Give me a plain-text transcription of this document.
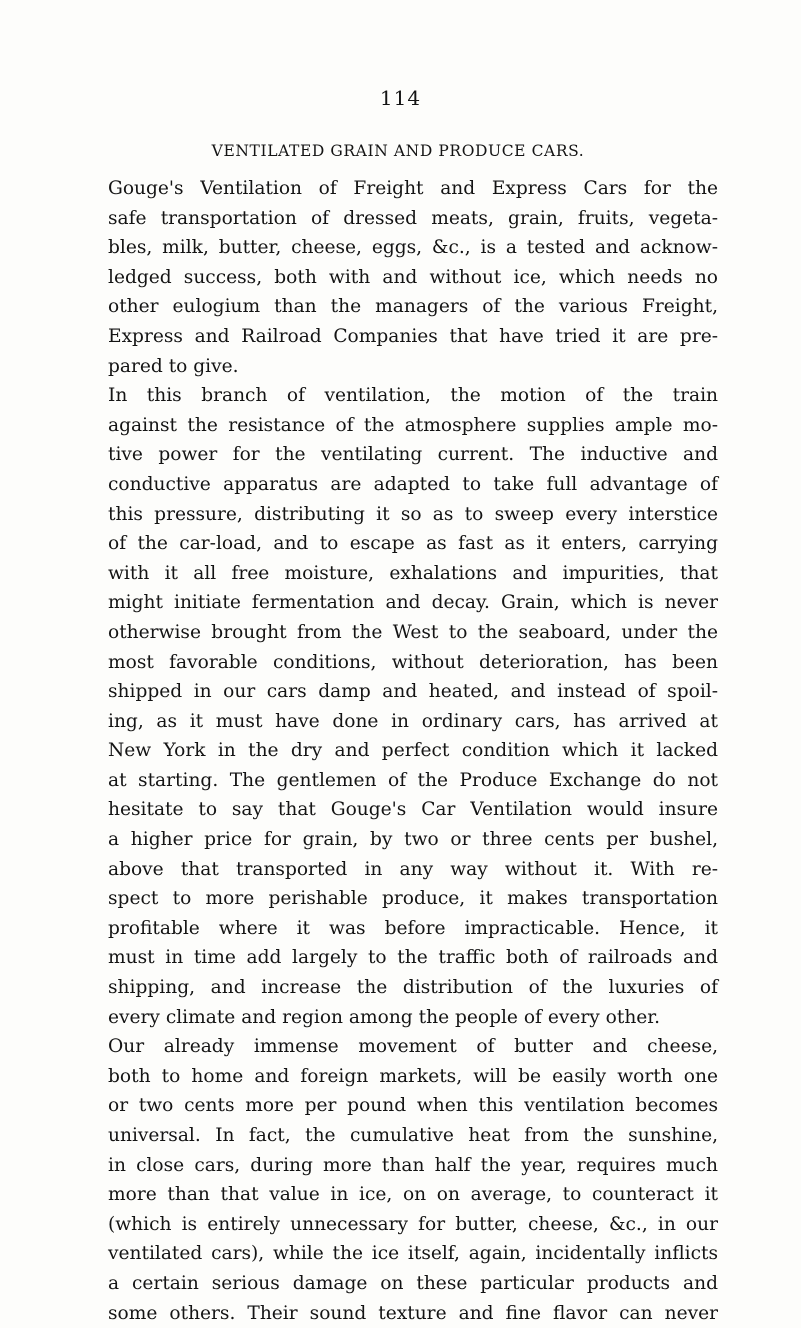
114
VENTILATED GRAIN AND PRODUCE CARS.
Gouge's Ventilation of Freight and Express Cars for the
safe transportation of dressed meats, grain, fruits, vegeta-
bles, milk, butter, cheese, eggs, &c., is a tested and acknow-
ledged success, both with and without ice, which needs no
other eulogium than the managers of the various Freight,
Express and Railroad Companies that have tried it are pre-
pared to give.
In this branch of ventilation, the motion of the train
against the resistance of the atmosphere supplies ample mo-
tive power for the ventilating current. The inductive and
conductive apparatus are adapted to take full advantage of
this pressure, distributing it so as to sweep every interstice
of the car-load, and to escape as fast as it enters, carrying
with it all free moisture, exhalations and impurities, that
might initiate fermentation and decay. Grain, which is never
otherwise brought from the West to the seaboard, under the
most favorable conditions, without deterioration, has been
shipped in our cars damp and heated, and instead of spoil-
ing, as it must have done in ordinary cars, has arrived at
New York in the dry and perfect condition which it lacked
at starting. The gentlemen of the Produce Exchange do not
hesitate to say that Gouge's Car Ventilation would insure
a higher price for grain, by two or three cents per bushel,
above that transported in any way without it. With re-
spect to more perishable produce, it makes transportation
profitable where it was before impracticable. Hence, it
must in time add largely to the traffic both of railroads and
shipping, and increase the distribution of the luxuries of
every climate and region among the people of every other.
Our already immense movement of butter and cheese,
both to home and foreign markets, will be easily worth one
or two cents more per pound when this ventilation becomes
universal. In fact, the cumulative heat from the sunshine,
in close cars, during more than half the year, requires much
more than that value in ice, on on average, to counteract it
(which is entirely unnecessary for butter, cheese, &c., in our
ventilated cars), while the ice itself, again, incidentally inflicts
a certain serious damage on these particular products and
some others. Their sound texture and fine flavor can never
